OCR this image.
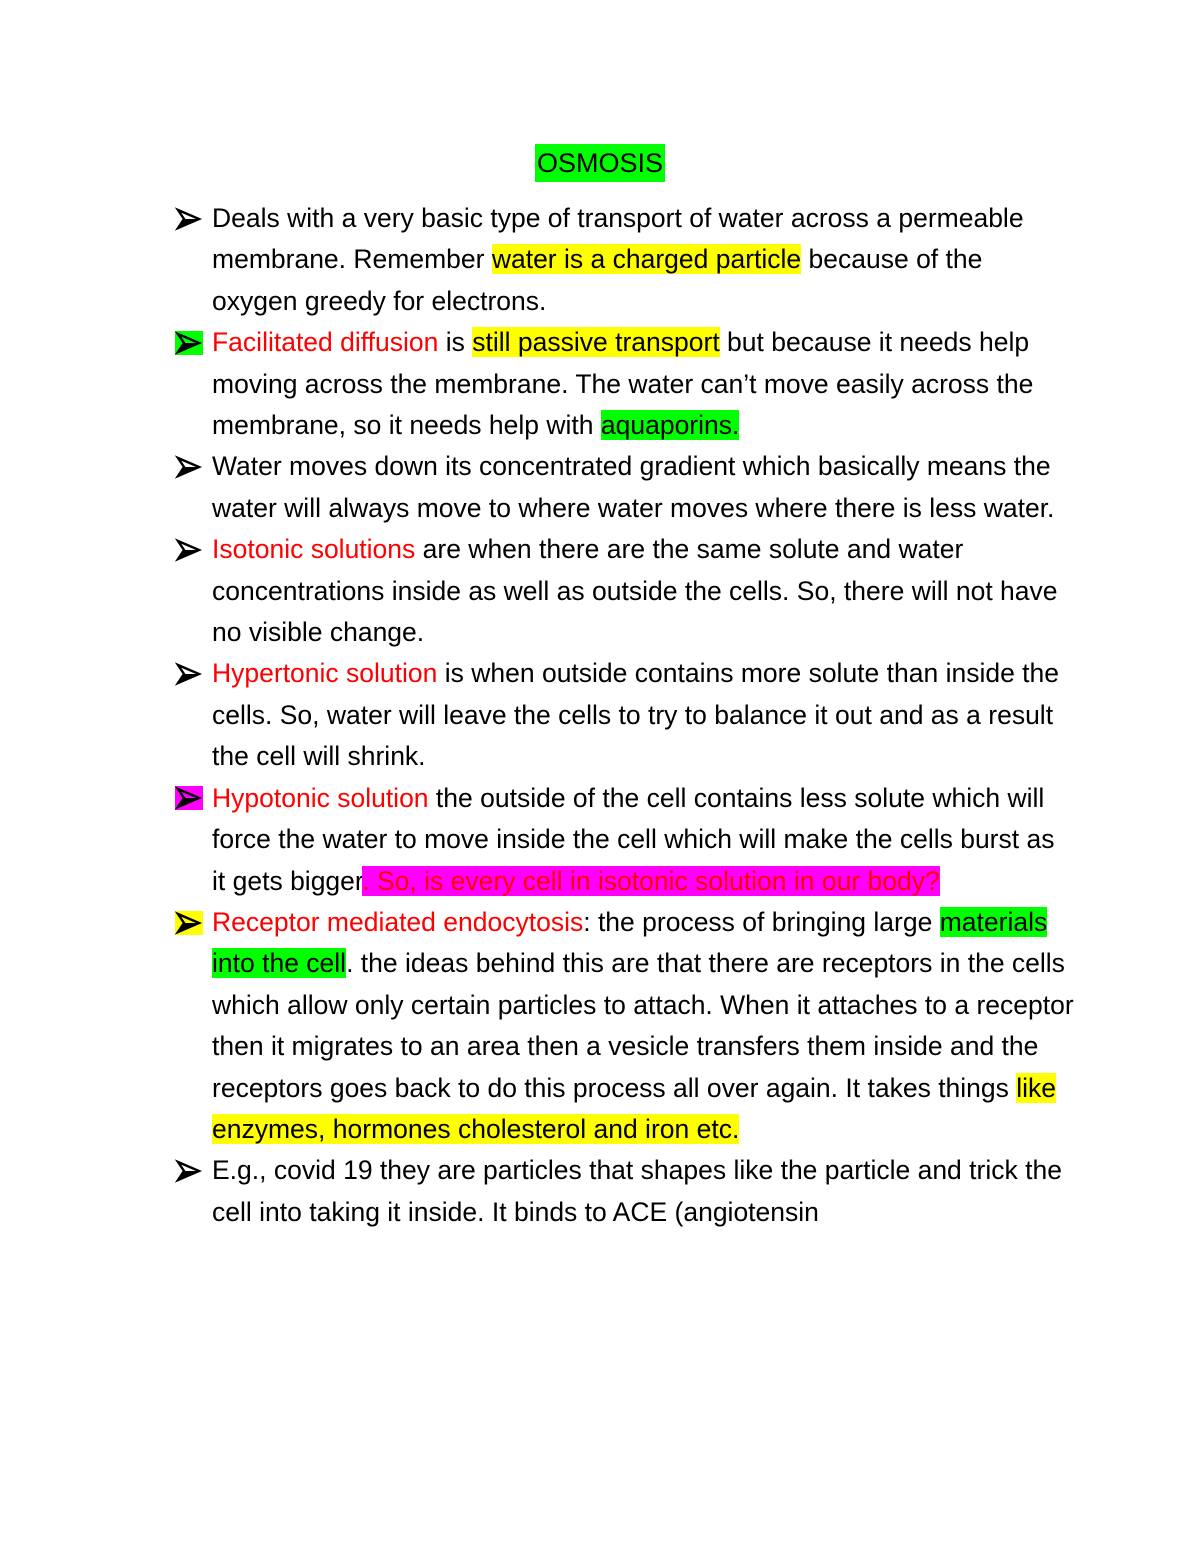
OSMOSIS
Deals with a very basic type of transport of water across a permeable membrane. Remember water is a charged particle because of the oxygen greedy for electrons.
Facilitated diffusion is still passive transport but because it needs help moving across the membrane. The water can’t move easily across the membrane, so it needs help with aquaporins.
Water moves down its concentrated gradient which basically means the water will always move to where water moves where there is less water.
Isotonic solutions are when there are the same solute and water concentrations inside as well as outside the cells. So, there will not have no visible change.
Hypertonic solution is when outside contains more solute than inside the cells. So, water will leave the cells to try to balance it out and as a result the cell will shrink.
Hypotonic solution the outside of the cell contains less solute which will force the water to move inside the cell which will make the cells burst as it gets bigger. So, is every cell in isotonic solution in our body?
Receptor mediated endocytosis: the process of bringing large materials into the cell. the ideas behind this are that there are receptors in the cells which allow only certain particles to attach. When it attaches to a receptor then it migrates to an area then a vesicle transfers them inside and the receptors goes back to do this process all over again. It takes things like enzymes, hormones cholesterol and iron etc.
E.g., covid 19 they are particles that shapes like the particle and trick the cell into taking it inside. It binds to ACE (angiotensin
